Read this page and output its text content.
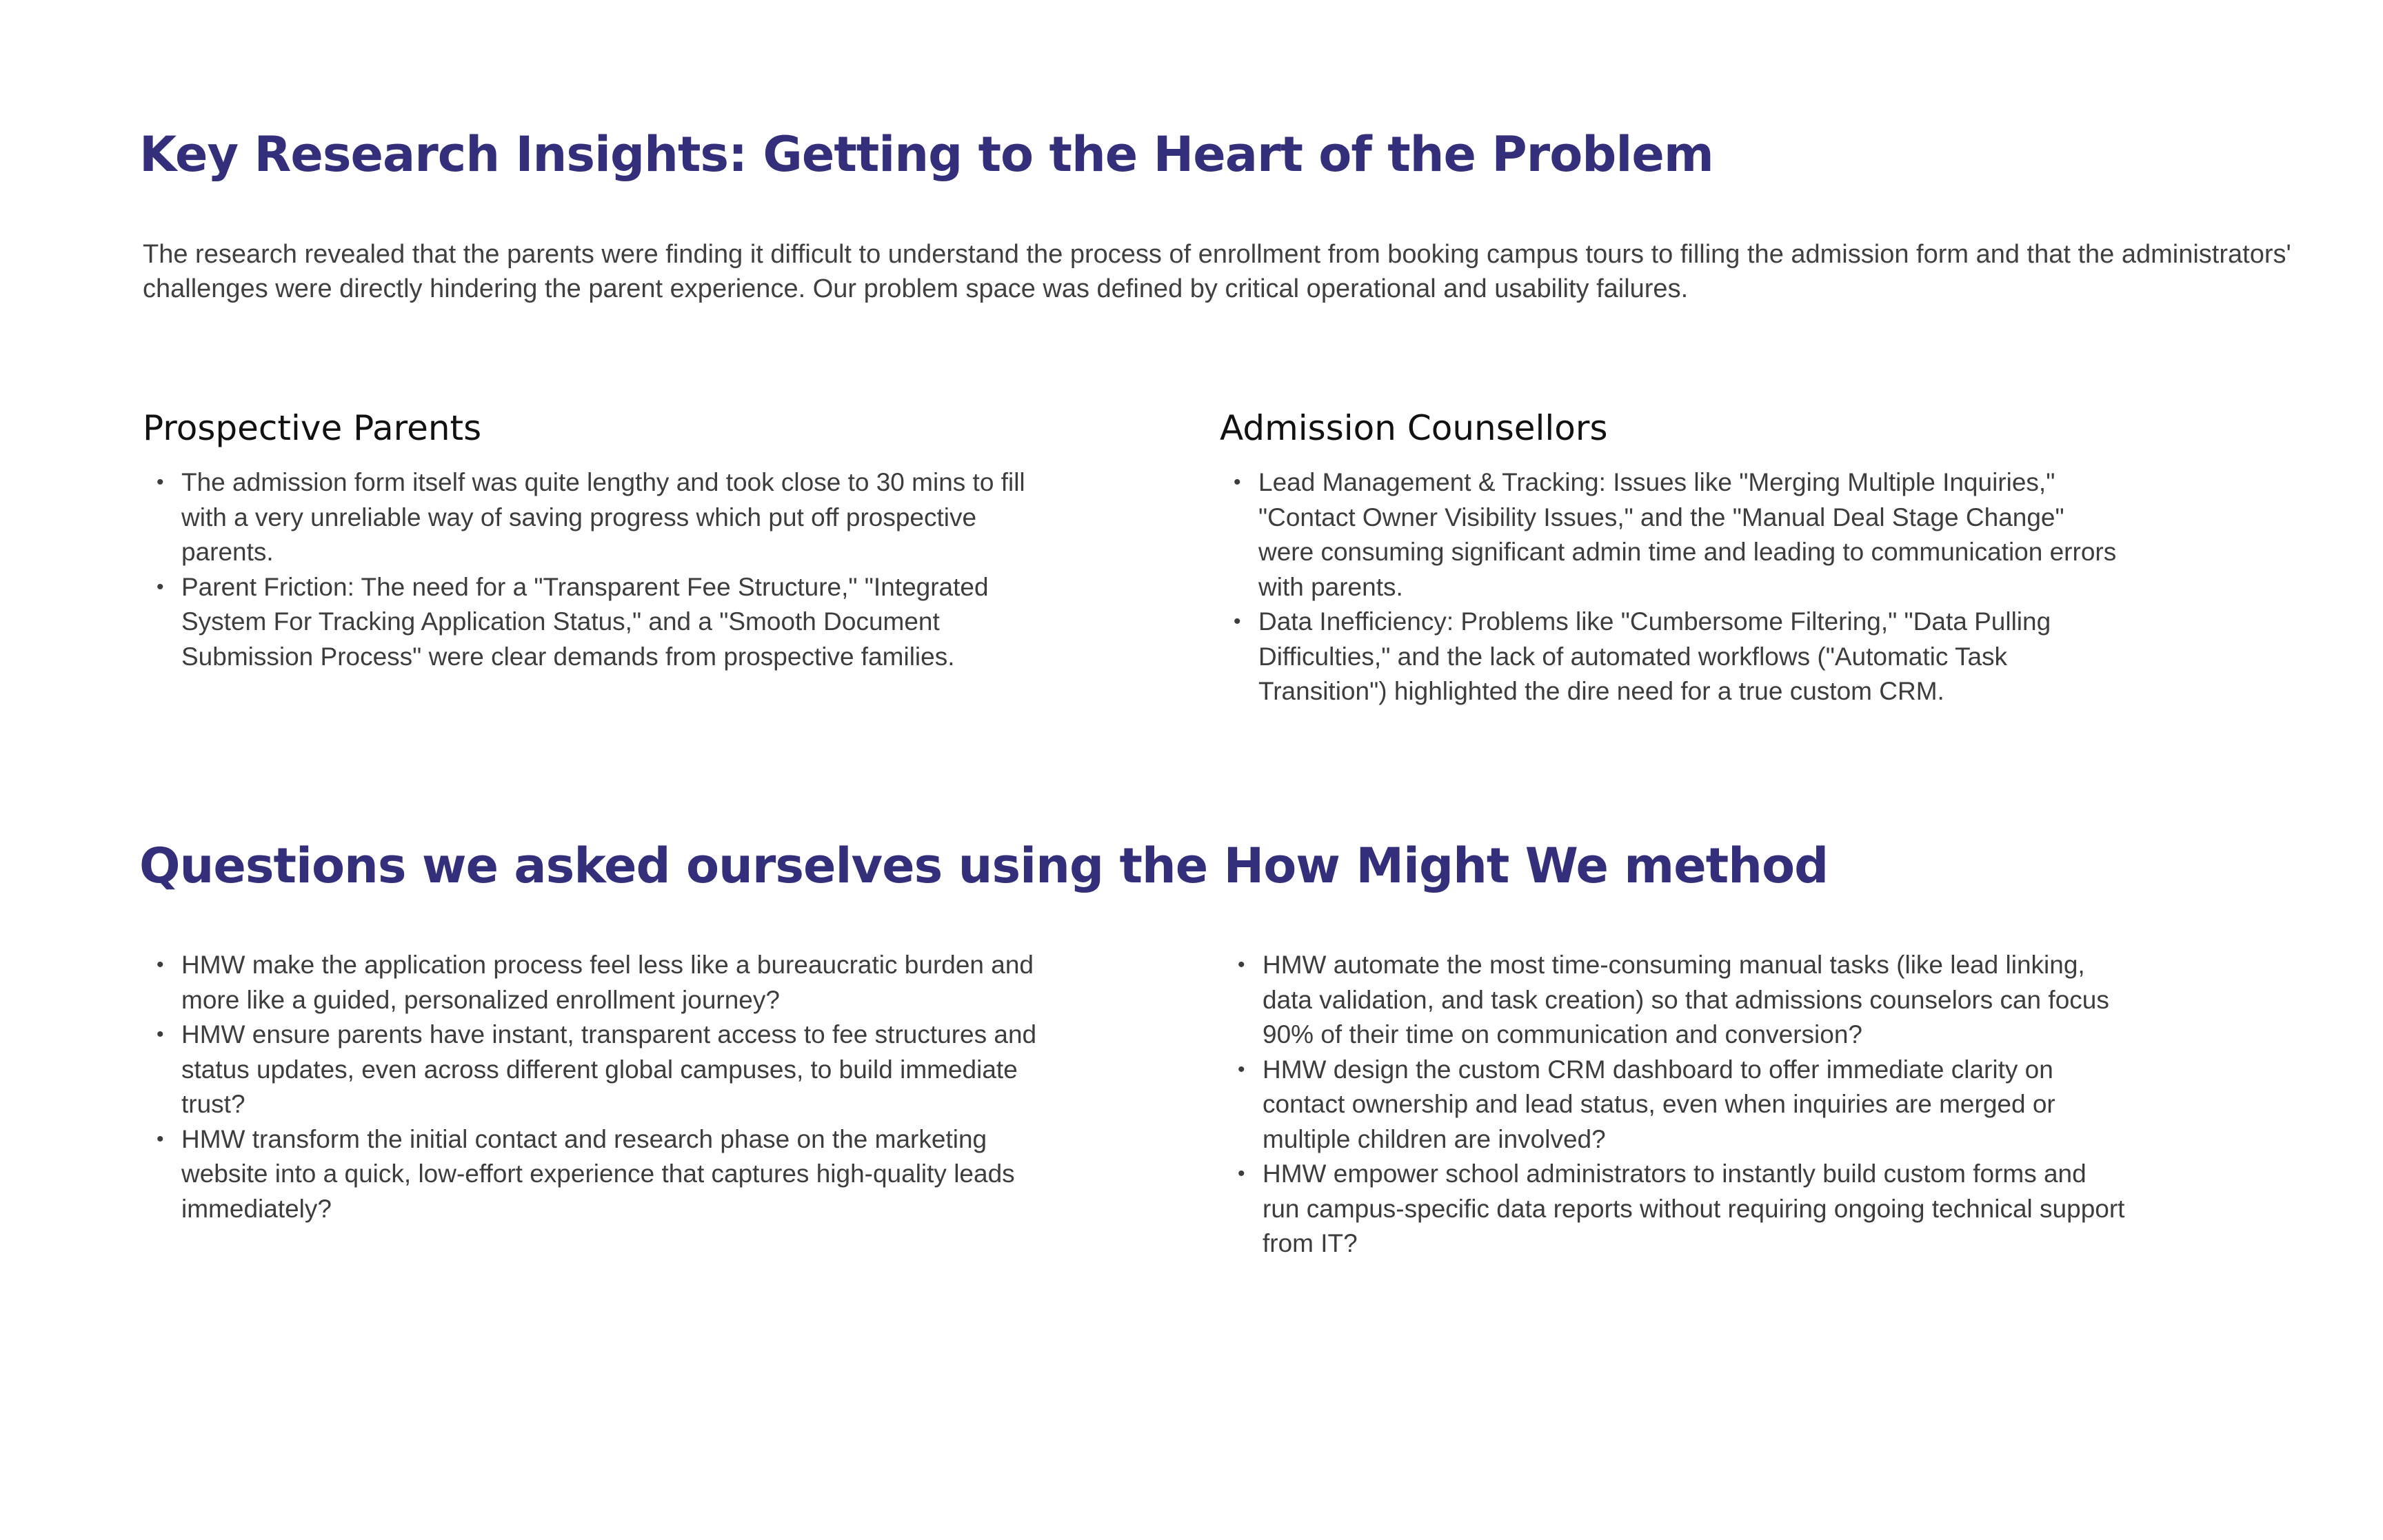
Key Research Insights: Getting to the Heart of the Problem

The research revealed that the parents were finding it difficult to understand the process of enrollment from booking campus tours to filling the admission form and that the administrators' challenges were directly hindering the parent experience. Our problem space was defined by critical operational and usability failures.

Prospective Parents
• The admission form itself was quite lengthy and took close to 30 mins to fill with a very unreliable way of saving progress which put off prospective parents.
• Parent Friction: The need for a "Transparent Fee Structure," "Integrated System For Tracking Application Status," and a "Smooth Document Submission Process" were clear demands from prospective families.
Admission Counsellors
• Lead Management & Tracking: Issues like "Merging Multiple Inquiries," "Contact Owner Visibility Issues," and the "Manual Deal Stage Change" were consuming significant admin time and leading to communication errors with parents.
• Data Inefficiency: Problems like "Cumbersome Filtering," "Data Pulling Difficulties," and the lack of automated workflows ("Automatic Task Transition") highlighted the dire need for a true custom CRM.
Questions we asked ourselves using the How Might We method
• HMW make the application process feel less like a bureaucratic burden and more like a guided, personalized enrollment journey?
• HMW ensure parents have instant, transparent access to fee structures and status updates, even across different global campuses, to build immediate trust?
• HMW transform the initial contact and research phase on the marketing website into a quick, low-effort experience that captures high-quality leads immediately?
• HMW automate the most time-consuming manual tasks (like lead linking, data validation, and task creation) so that admissions counselors can focus 90% of their time on communication and conversion?
• HMW design the custom CRM dashboard to offer immediate clarity on contact ownership and lead status, even when inquiries are merged or multiple children are involved?
• HMW empower school administrators to instantly build custom forms and run campus-specific data reports without requiring ongoing technical support from IT?
